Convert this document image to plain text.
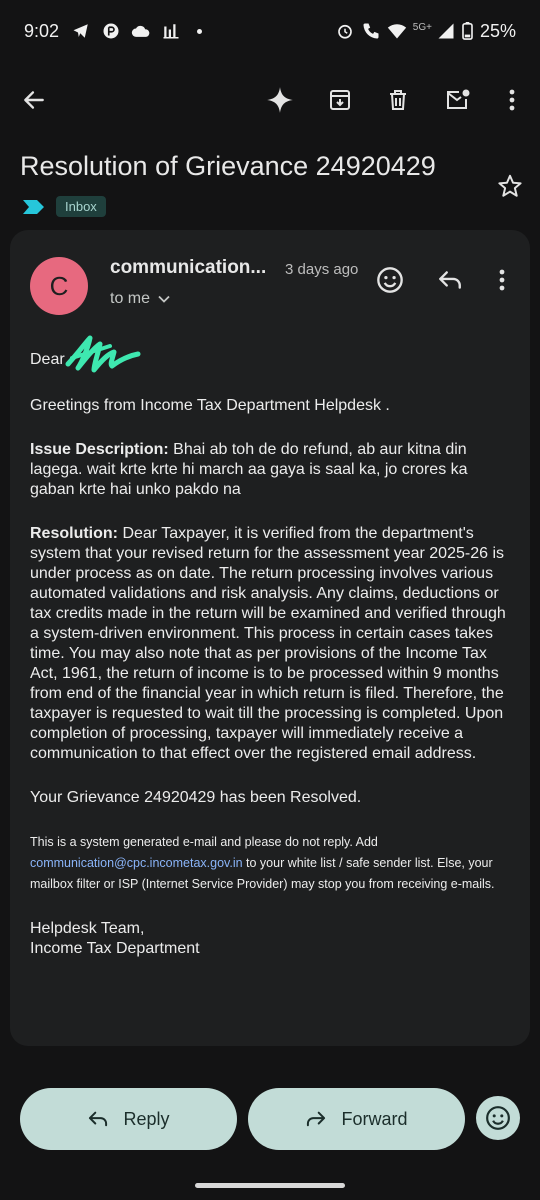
9:02	5G+	25%
Resolution of Grievance 24920429
Inbox
C
communication... 3 days ago
to me
Dear

Greetings from Income Tax Department Helpdesk .

Issue Description: Bhai ab toh de do refund, ab aur kitna din lagega. wait krte krte hi march aa gaya is saal ka, jo crores ka gaban krte hai unko pakdo na

Resolution: Dear Taxpayer, it is verified from the department's system that your revised return for the assessment year 2025-26 is under process as on date. The return processing involves various automated validations and risk analysis. Any claims, deductions or tax credits made in the return will be examined and verified through a system-driven environment. This process in certain cases takes time. You may also note that as per provisions of the Income Tax Act, 1961, the return of income is to be processed within 9 months from end of the financial year in which return is filed. Therefore, the taxpayer is requested to wait till the processing is completed. Upon completion of processing, taxpayer will immediately receive a communication to that effect over the registered email address.

Your Grievance 24920429 has been Resolved.

This is a system generated e-mail and please do not reply. Add communication@cpc.incometax.gov.in to your white list / safe sender list. Else, your mailbox filter or ISP (Internet Service Provider) may stop you from receiving e-mails.

Helpdesk Team,

Income Tax Department

Reply	Forward
